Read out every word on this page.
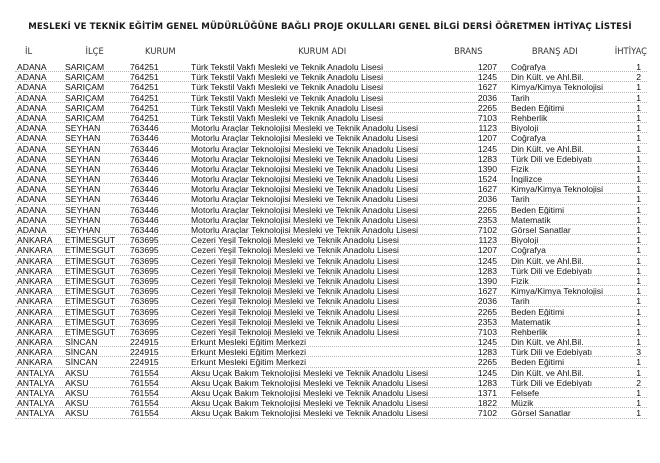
MESLEKİ VE TEKNİK EĞİTİM GENEL MÜDÜRLÜĞÜNE BAĞLI PROJE OKULLARI GENEL BİLGİ DERSİ ÖĞRETMEN İHTİYAÇ LİSTESİ
İL	İLÇE	KURUM	KURUM ADI	BRANS	BRANŞ ADI	İHTİYAÇ
ADANA	SARIÇAM	764251	Türk Tekstil Vakfı Mesleki ve Teknik Anadolu Lisesi	1207	Coğrafya	1
ADANA	SARIÇAM	764251	Türk Tekstil Vakfı Mesleki ve Teknik Anadolu Lisesi	1245	Din Kült. ve Ahl.Bil.	2
ADANA	SARIÇAM	764251	Türk Tekstil Vakfı Mesleki ve Teknik Anadolu Lisesi	1627	Kimya/Kimya Teknolojisi	1
ADANA	SARIÇAM	764251	Türk Tekstil Vakfı Mesleki ve Teknik Anadolu Lisesi	2036	Tarih	1
ADANA	SARIÇAM	764251	Türk Tekstil Vakfı Mesleki ve Teknik Anadolu Lisesi	2265	Beden Eğitimi	1
ADANA	SARIÇAM	764251	Türk Tekstil Vakfı Mesleki ve Teknik Anadolu Lisesi	7103	Rehberlik	1
ADANA	SEYHAN	763446	Motorlu Araçlar Teknolojisi Mesleki ve Teknik Anadolu Lisesi	1123	Biyoloji	1
ADANA	SEYHAN	763446	Motorlu Araçlar Teknolojisi Mesleki ve Teknik Anadolu Lisesi	1207	Coğrafya	1
ADANA	SEYHAN	763446	Motorlu Araçlar Teknolojisi Mesleki ve Teknik Anadolu Lisesi	1245	Din Kült. ve Ahl.Bil.	1
ADANA	SEYHAN	763446	Motorlu Araçlar Teknolojisi Mesleki ve Teknik Anadolu Lisesi	1283	Türk Dili ve Edebiyatı	1
ADANA	SEYHAN	763446	Motorlu Araçlar Teknolojisi Mesleki ve Teknik Anadolu Lisesi	1390	Fizik	1
ADANA	SEYHAN	763446	Motorlu Araçlar Teknolojisi Mesleki ve Teknik Anadolu Lisesi	1524	İngilizce	1
ADANA	SEYHAN	763446	Motorlu Araçlar Teknolojisi Mesleki ve Teknik Anadolu Lisesi	1627	Kimya/Kimya Teknolojisi	1
ADANA	SEYHAN	763446	Motorlu Araçlar Teknolojisi Mesleki ve Teknik Anadolu Lisesi	2036	Tarih	1
ADANA	SEYHAN	763446	Motorlu Araçlar Teknolojisi Mesleki ve Teknik Anadolu Lisesi	2265	Beden Eğitimi	1
ADANA	SEYHAN	763446	Motorlu Araçlar Teknolojisi Mesleki ve Teknik Anadolu Lisesi	2353	Matematik	1
ADANA	SEYHAN	763446	Motorlu Araçlar Teknolojisi Mesleki ve Teknik Anadolu Lisesi	7102	Görsel Sanatlar	1
ANKARA	ETİMESGUT	763695	Cezeri Yeşil Teknoloji Mesleki ve Teknik Anadolu Lisesi	1123	Biyoloji	1
ANKARA	ETİMESGUT	763695	Cezeri Yeşil Teknoloji Mesleki ve Teknik Anadolu Lisesi	1207	Coğrafya	1
ANKARA	ETİMESGUT	763695	Cezeri Yeşil Teknoloji Mesleki ve Teknik Anadolu Lisesi	1245	Din Kült. ve Ahl.Bil.	1
ANKARA	ETİMESGUT	763695	Cezeri Yeşil Teknoloji Mesleki ve Teknik Anadolu Lisesi	1283	Türk Dili ve Edebiyatı	1
ANKARA	ETİMESGUT	763695	Cezeri Yeşil Teknoloji Mesleki ve Teknik Anadolu Lisesi	1390	Fizik	1
ANKARA	ETİMESGUT	763695	Cezeri Yeşil Teknoloji Mesleki ve Teknik Anadolu Lisesi	1627	Kimya/Kimya Teknolojisi	1
ANKARA	ETİMESGUT	763695	Cezeri Yeşil Teknoloji Mesleki ve Teknik Anadolu Lisesi	2036	Tarih	1
ANKARA	ETİMESGUT	763695	Cezeri Yeşil Teknoloji Mesleki ve Teknik Anadolu Lisesi	2265	Beden Eğitimi	1
ANKARA	ETİMESGUT	763695	Cezeri Yeşil Teknoloji Mesleki ve Teknik Anadolu Lisesi	2353	Matematik	1
ANKARA	ETİMESGUT	763695	Cezeri Yeşil Teknoloji Mesleki ve Teknik Anadolu Lisesi	7103	Rehberlik	1
ANKARA	SİNCAN	224915	Erkunt Mesleki Eğitim Merkezi	1245	Din Kült. ve Ahl.Bil.	1
ANKARA	SİNCAN	224915	Erkunt Mesleki Eğitim Merkezi	1283	Türk Dili ve Edebiyatı	3
ANKARA	SİNCAN	224915	Erkunt Mesleki Eğitim Merkezi	2265	Beden Eğitimi	1
ANTALYA	AKSU	761554	Aksu Uçak Bakım Teknolojisi Mesleki ve Teknik Anadolu Lisesi	1245	Din Kült. ve Ahl.Bil.	1
ANTALYA	AKSU	761554	Aksu Uçak Bakım Teknolojisi Mesleki ve Teknik Anadolu Lisesi	1283	Türk Dili ve Edebiyatı	2
ANTALYA	AKSU	761554	Aksu Uçak Bakım Teknolojisi Mesleki ve Teknik Anadolu Lisesi	1371	Felsefe	1
ANTALYA	AKSU	761554	Aksu Uçak Bakım Teknolojisi Mesleki ve Teknik Anadolu Lisesi	1822	Müzik	1
ANTALYA	AKSU	761554	Aksu Uçak Bakım Teknolojisi Mesleki ve Teknik Anadolu Lisesi	7102	Görsel Sanatlar	1
